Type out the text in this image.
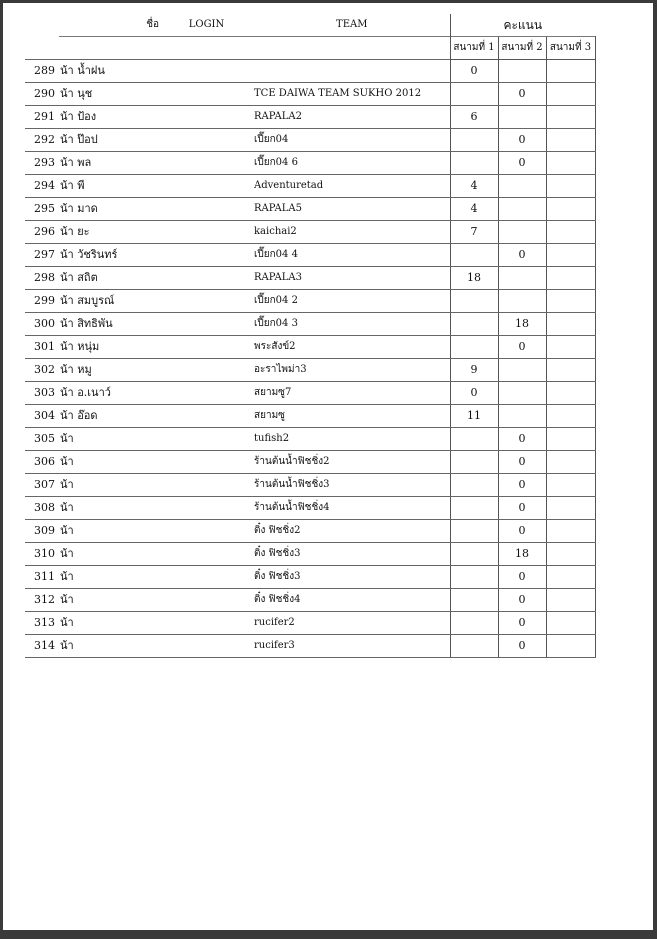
	ชื่อ	LOGIN	TEAM	คะแนน		
				สนามที่ 1	สนามที่ 2	สนามที่ 3
289	น้า น้ำฝน			0		
290	น้า นุช		TCE DAIWA TEAM SUKHO 2012		0	
291	น้า ป้อง		RAPALA2	6		
292	น้า ป๊อป		เปี๊ยก04		0	
293	น้า พล		เปี๊ยก04 6		0	
294	น้า พี		Adventuretad	4		
295	น้า มาด		RAPALA5	4		
296	น้า ยะ		kaichai2	7		
297	น้า วัชรินทร์		เปี๊ยก04 4		0	
298	น้า สถิต		RAPALA3	18		
299	น้า สมบูรณ์		เปี๊ยก04 2			
300	น้า สิทธิพัน		เปี๊ยก04 3		18	
301	น้า หนุ่ม		พระสังข์2		0	
302	น้า หมู		อะราไพม่า3	9		
303	น้า อ.เนาว์		สยามซู7	0		
304	น้า อ๊อด		สยามซู	11		
305	น้า		tufish2		0	
306	น้า		ร้านต้นน้ำฟิชชิ่ง2		0	
307	น้า		ร้านต้นน้ำฟิชชิ่ง3		0	
308	น้า		ร้านต้นน้ำฟิชชิ่ง4		0	
309	น้า		ติ๋ง ฟิชชิ่ง2		0	
310	น้า		ติ๋ง ฟิชชิ่ง3		18	
311	น้า		ติ๋ง ฟิชชิ่ง3		0	
312	น้า		ติ๋ง ฟิชชิ่ง4		0	
313	น้า		rucifer2		0	
314	น้า		rucifer3		0	
